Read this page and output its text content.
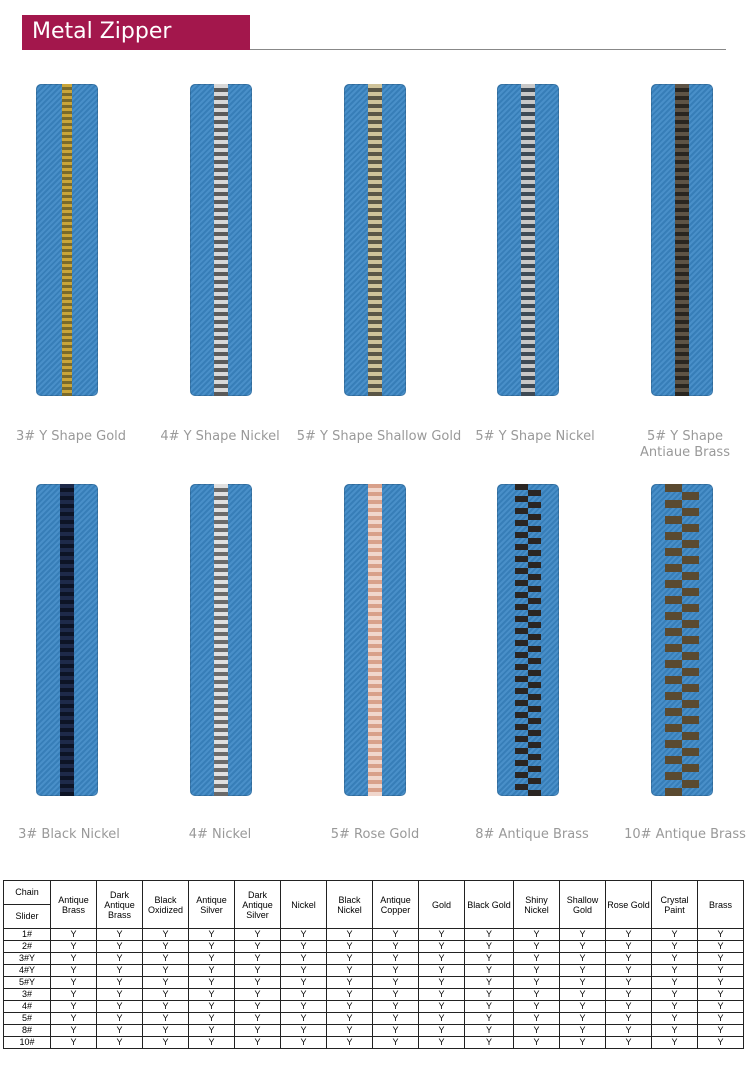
Metal Zipper
3# Y Shape Gold	4# Y Shape Nickel	5# Y Shape Shallow Gold	5# Y Shape Nickel	5# Y Shape Antiaue Brass
3# Black Nickel	4# Nickel	5# Rose Gold	8# Antique Brass	10# Antique Brass
Chain
Slider	Antique Brass	Dark Antique Brass	Black Oxidized	Antique Silver	Dark Antique Silver	Nickel	Black Nickel	Antique Copper	Gold	Black Gold	Shiny Nickel	Shallow Gold	Rose Gold	Crystal Paint	Brass
1#	Y	Y	Y	Y	Y	Y	Y	Y	Y	Y	Y	Y	Y	Y	Y
2#	Y	Y	Y	Y	Y	Y	Y	Y	Y	Y	Y	Y	Y	Y	Y
3#Y	Y	Y	Y	Y	Y	Y	Y	Y	Y	Y	Y	Y	Y	Y	Y
4#Y	Y	Y	Y	Y	Y	Y	Y	Y	Y	Y	Y	Y	Y	Y	Y
5#Y	Y	Y	Y	Y	Y	Y	Y	Y	Y	Y	Y	Y	Y	Y	Y
3#	Y	Y	Y	Y	Y	Y	Y	Y	Y	Y	Y	Y	Y	Y	Y
4#	Y	Y	Y	Y	Y	Y	Y	Y	Y	Y	Y	Y	Y	Y	Y
5#	Y	Y	Y	Y	Y	Y	Y	Y	Y	Y	Y	Y	Y	Y	Y
8#	Y	Y	Y	Y	Y	Y	Y	Y	Y	Y	Y	Y	Y	Y	Y
10#	Y	Y	Y	Y	Y	Y	Y	Y	Y	Y	Y	Y	Y	Y	Y
